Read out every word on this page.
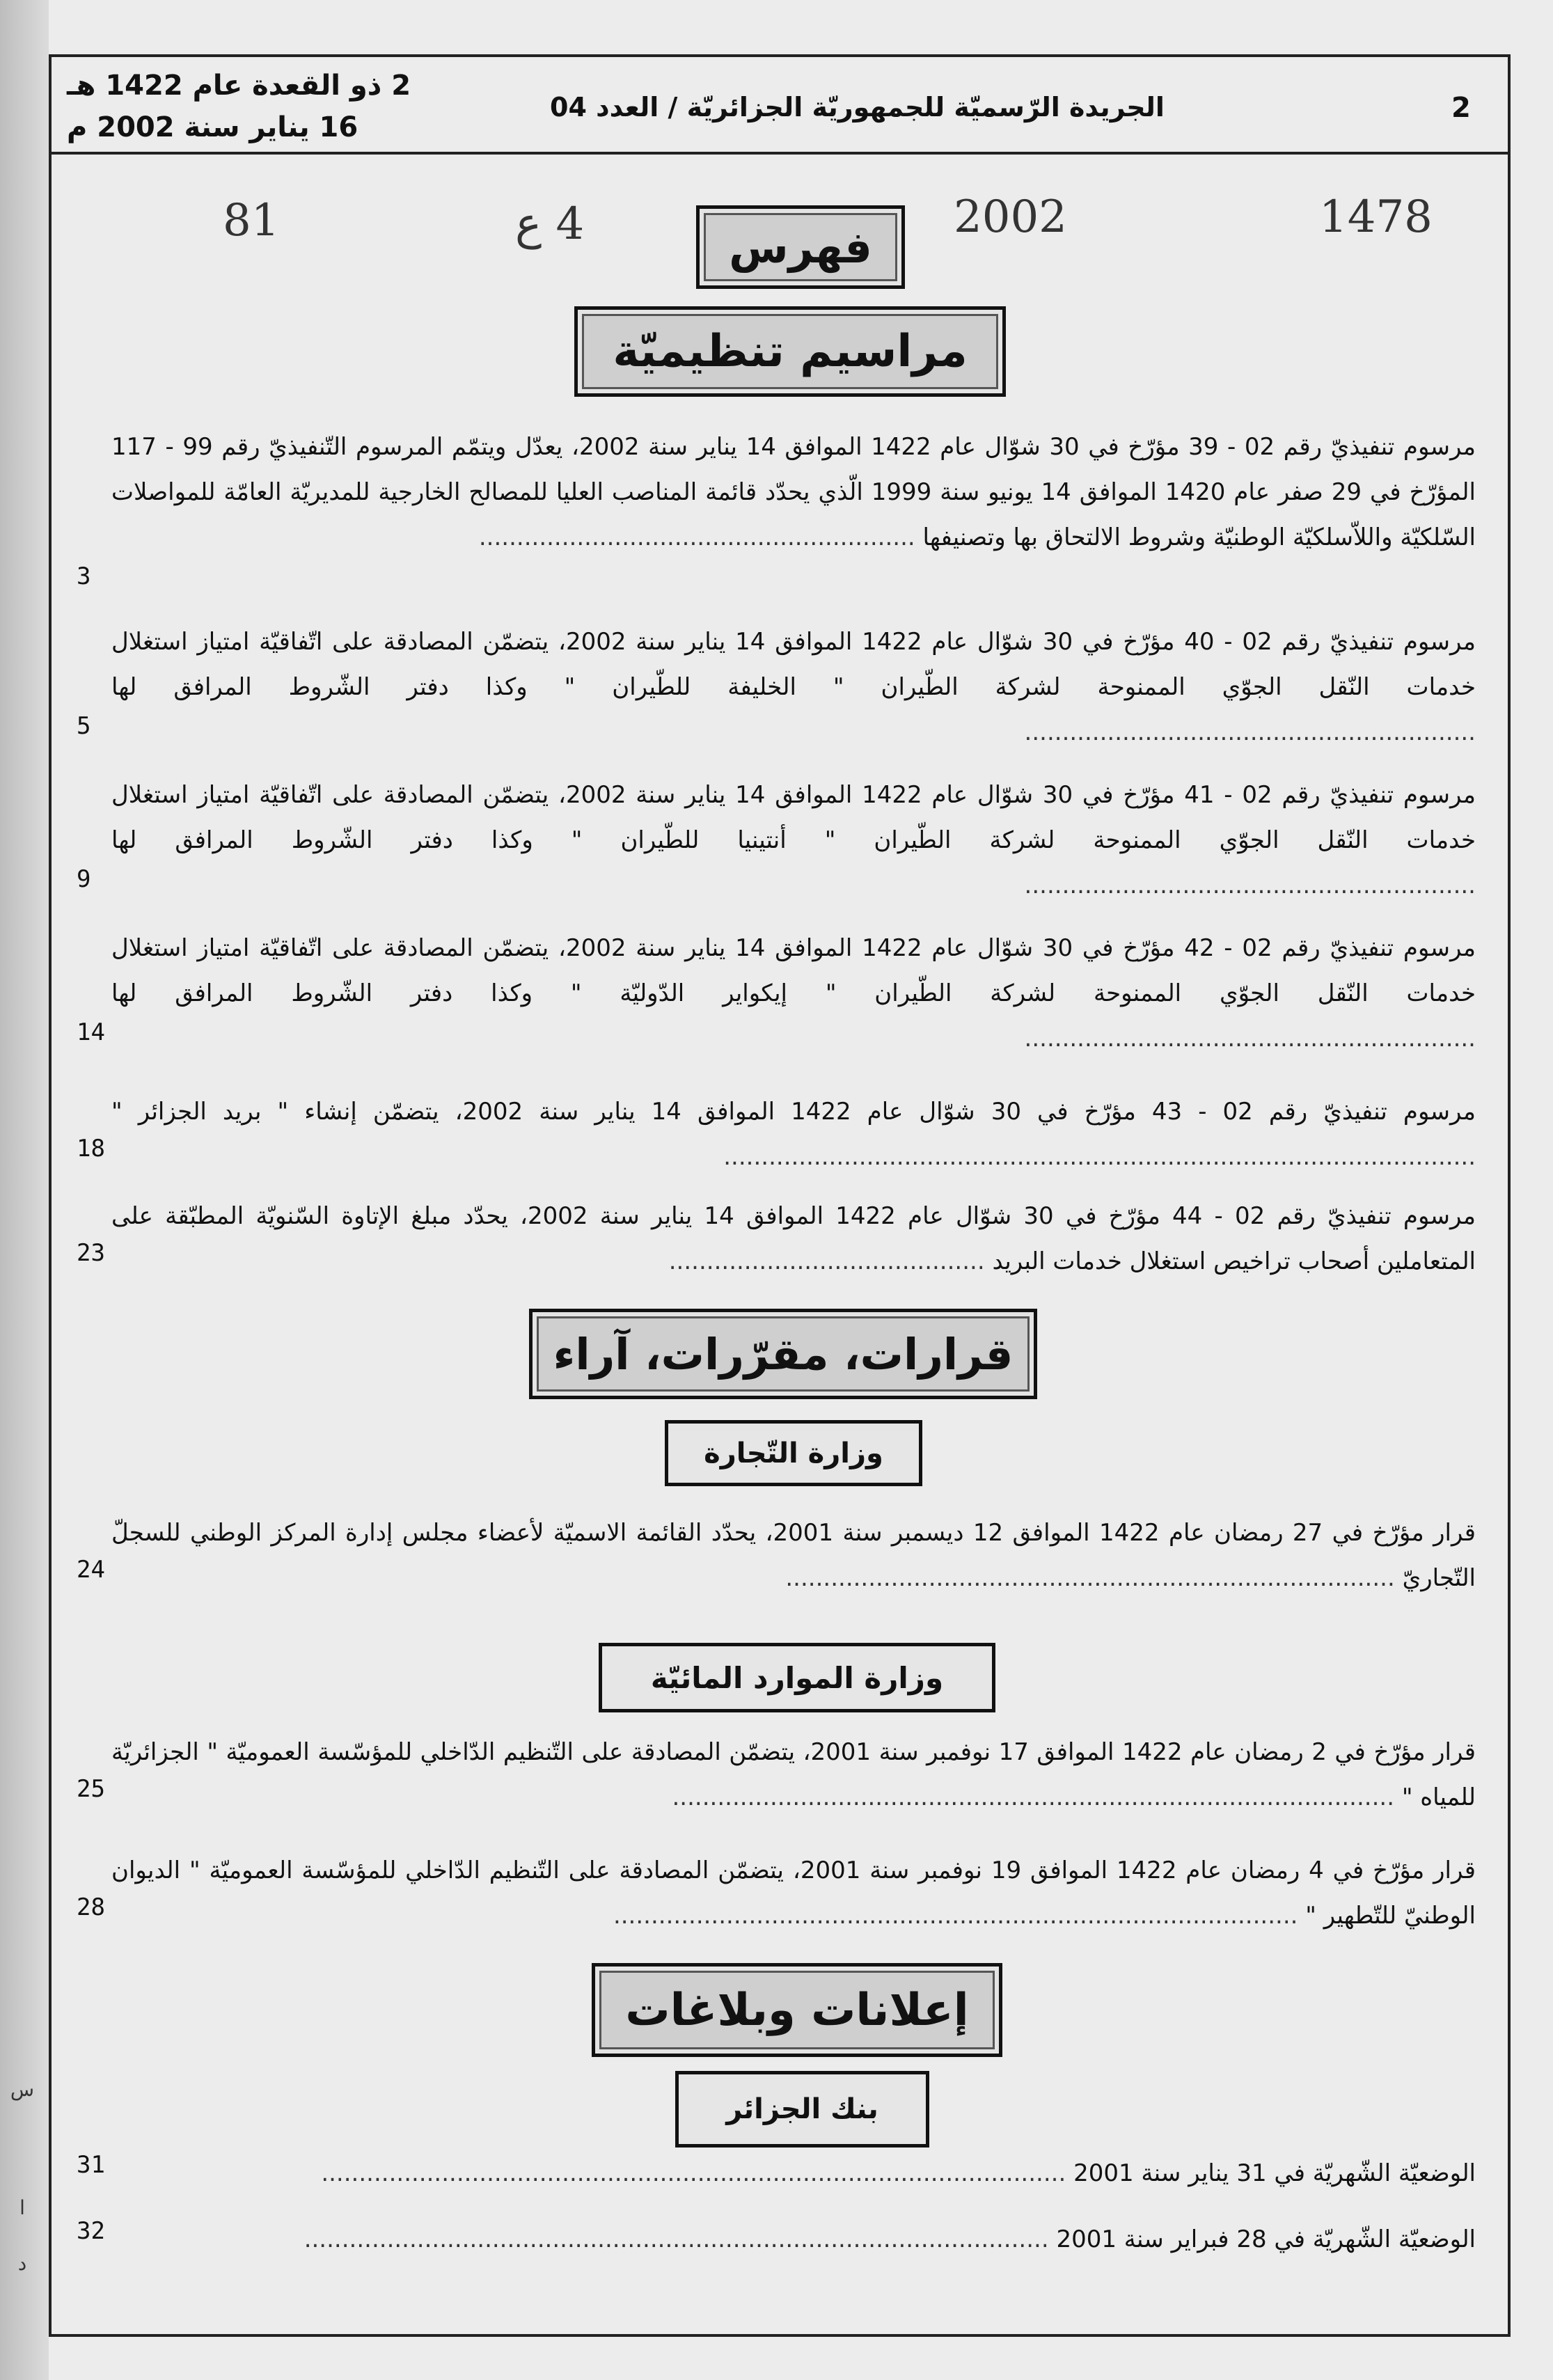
س
ا
د
2 ذو القعدة عام 1422 هـ
16 يناير سنة 2002 م
الجريدة الرّسميّة للجمهوريّة الجزائريّة / العدد 04	2
1478
2002
4 ع
81
فهرس
مراسيم تنظيميّة
مرسوم تنفيذيّ رقم 02 - 39 مؤرّخ في 30 شوّال عام 1422 الموافق 14 يناير سنة 2002، يعدّل ويتمّم المرسوم التّنفيذيّ رقم 99 - 117 المؤرّخ في 29 صفر عام 1420 الموافق 14 يونيو سنة 1999 الّذي يحدّد قائمة المناصب العليا للمصالح الخارجية للمديريّة العامّة للمواصلات السّلكيّة واللاّسلكيّة الوطنيّة وشروط الالتحاق بها وتصنيفها ..........................................................
3
مرسوم تنفيذيّ رقم 02 - 40 مؤرّخ في 30 شوّال عام 1422 الموافق 14 يناير سنة 2002، يتضمّن المصادقة على اتّفاقيّة امتياز استغلال خدمات النّقل الجوّي الممنوحة لشركة الطّيران " الخليفة للطّيران " وكذا دفتر الشّروط المرافق لها ............................................................
5
مرسوم تنفيذيّ رقم 02 - 41 مؤرّخ في 30 شوّال عام 1422 الموافق 14 يناير سنة 2002، يتضمّن المصادقة على اتّفاقيّة امتياز استغلال خدمات النّقل الجوّي الممنوحة لشركة الطّيران " أنتينيا للطّيران " وكذا دفتر الشّروط المرافق لها ............................................................
9
مرسوم تنفيذيّ رقم 02 - 42 مؤرّخ في 30 شوّال عام 1422 الموافق 14 يناير سنة 2002، يتضمّن المصادقة على اتّفاقيّة امتياز استغلال خدمات النّقل الجوّي الممنوحة لشركة الطّيران " إيكواير الدّوليّة " وكذا دفتر الشّروط المرافق لها ............................................................
14
مرسوم تنفيذيّ رقم 02 - 43 مؤرّخ في 30 شوّال عام 1422 الموافق 14 يناير سنة 2002، يتضمّن إنشاء " بريد الجزائر " ....................................................................................................
18
مرسوم تنفيذيّ رقم 02 - 44 مؤرّخ في 30 شوّال عام 1422 الموافق 14 يناير سنة 2002، يحدّد مبلغ الإتاوة السّنويّة المطبّقة على المتعاملين أصحاب تراخيص استغلال خدمات البريد ..........................................
23
قرارات، مقرّرات، آراء
وزارة التّجارة
قرار مؤرّخ في 27 رمضان عام 1422 الموافق 12 ديسمبر سنة 2001، يحدّد القائمة الاسميّة لأعضاء مجلس إدارة المركز الوطني للسجلّ التّجاريّ .................................................................................
24
وزارة الموارد المائيّة
قرار مؤرّخ في 2 رمضان عام 1422 الموافق 17 نوفمبر سنة 2001، يتضمّن المصادقة على التّنظيم الدّاخلي للمؤسّسة العموميّة " الجزائريّة للمياه " ................................................................................................
25
قرار مؤرّخ في 4 رمضان عام 1422 الموافق 19 نوفمبر سنة 2001، يتضمّن المصادقة على التّنظيم الدّاخلي للمؤسّسة العموميّة " الديوان الوطنيّ للتّطهير " ...........................................................................................
28
إعلانات وبلاغات
بنك الجزائر
الوضعيّة الشّهريّة في 31 يناير سنة 2001 ...................................................................................................
31
الوضعيّة الشّهريّة في 28 فبراير سنة 2001 ...................................................................................................
32
